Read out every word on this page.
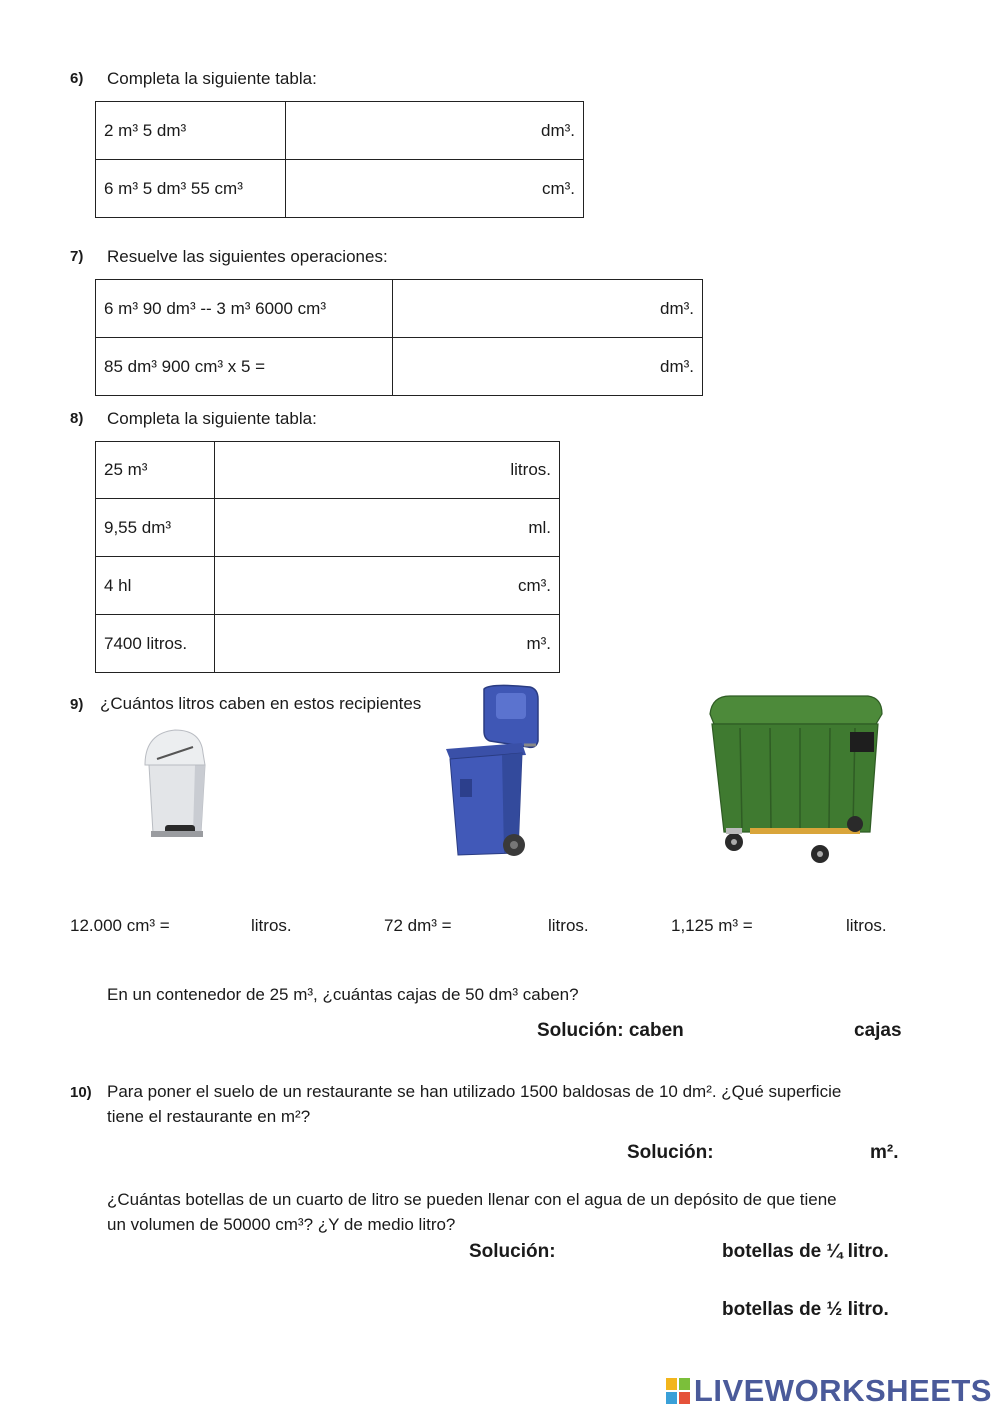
6) Completa la siguiente tabla:
2 m³ 5 dm³	dm³.
6 m³ 5 dm³ 55 cm³	cm³.
7) Resuelve las siguientes operaciones:
6 m³ 90 dm³ -- 3 m³ 6000 cm³	dm³.
85 dm³ 900 cm³ x 5 =	dm³.
8) Completa la siguiente tabla:
25 m³	litros.
9,55 dm³	ml.
4 hl	cm³.
7400 litros.	m³.
9) ¿Cuántos litros caben en estos recipientes
12.000 cm³ =	litros.	72 dm³ =	litros.	1,125 m³ =	litros.
En un contenedor de 25 m³, ¿cuántas cajas de 50 dm³ caben?
Solución: caben	cajas
10) Para poner el suelo de un restaurante se han utilizado 1500 baldosas de 10 dm². ¿Qué superficie
tiene el restaurante en m²?
Solución:	m².
¿Cuántas botellas de un cuarto de litro se pueden llenar con el agua de un depósito de que tiene
un volumen de 50000 cm³? ¿Y de medio litro?
Solución:	botellas de ¼ litro.
botellas de ½ litro.
LIVEWORKSHEETS
